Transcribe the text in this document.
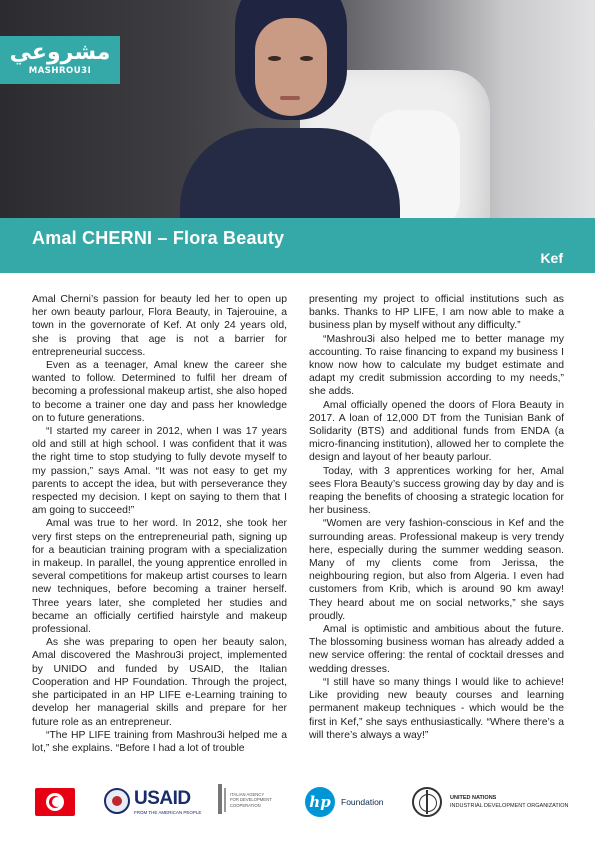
مشروعي
MASHROU3I
Amal CHERNI – Flora Beauty
Kef

Amal Cherni’s passion for beauty led her to open up her own beauty parlour, Flora Beauty, in Tajerouine, a town in the governorate of Kef. At only 24 years old, she is proving that age is not a barrier for entrepreneurial success.

Even as a teenager, Amal knew the career she wanted to follow. Determined to fulfil her dream of becoming a professional makeup artist, she also hoped to become a trainer one day and pass her knowledge on to future generations.

“I started my career in 2012, when I was 17 years old and still at high school. I was confident that it was the right time to stop studying to fully devote myself to my passion,” says Amal. “It was not easy to get my parents to accept the idea, but with perseverance they respected my decision. I kept on saying to them that I am going to succeed!”

Amal was true to her word. In 2012, she took her very first steps on the entrepreneurial path, signing up for a beautician training program with a specialization in makeup. In parallel, the young apprentice enrolled in several competitions for makeup artist courses to learn new techniques, before becoming a trainer herself. Three years later, she completed her studies and became an officially certified hairstyle and makeup professional.

As she was preparing to open her beauty salon, Amal discovered the Mashrou3i project, implemented by UNIDO and funded by USAID, the Italian Cooperation and HP Foundation. Through the project, she participated in an HP LIFE e-Learning training to develop her managerial skills and prepare for her future role as an entrepreneur.

“The HP LIFE training from Mashrou3i helped me a lot,” she explains. “Before I had a lot of trouble

presenting my project to official institutions such as banks. Thanks to HP LIFE, I am now able to make a business plan by myself without any difficulty.”

“Mashrou3i also helped me to better manage my accounting. To raise financing to expand my business I know now how to calculate my budget estimate and adapt my credit submission according to my needs,” she adds.

Amal officially opened the doors of Flora Beauty in 2017. A loan of 12,000 DT from the Tunisian Bank of Solidarity (BTS) and additional funds from ENDA (a micro-financing institution), allowed her to complete the design and layout of her beauty parlour.

Today, with 3 apprentices working for her, Amal sees Flora Beauty’s success growing day by day and is reaping the benefits of choosing a strategic location for her business.

“Women are very fashion-conscious in Kef and the surrounding areas. Professional makeup is very trendy here, especially during the summer wedding season. Many of my clients come from Jerissa, the neighbouring region, but also from Algeria. I even had customers from Krib, which is around 90 km away! They heard about me on social networks,” she says proudly.

Amal is optimistic and ambitious about the future. The blossoming business woman has already added a new service offering: the rental of cocktail dresses and wedding dresses.

“I still have so many things I would like to achieve! Like providing new beauty courses and learning permanent makeup techniques - which would be the first in Kef,” she says enthusiastically. “Where there’s a will there’s always a way!”

USAID
FROM THE AMERICAN PEOPLE
ITALIAN AGENCY
FOR DEVELOPMENT
COOPERATION	hp	Foundation	UNITED NATIONS
INDUSTRIAL DEVELOPMENT ORGANIZATION
